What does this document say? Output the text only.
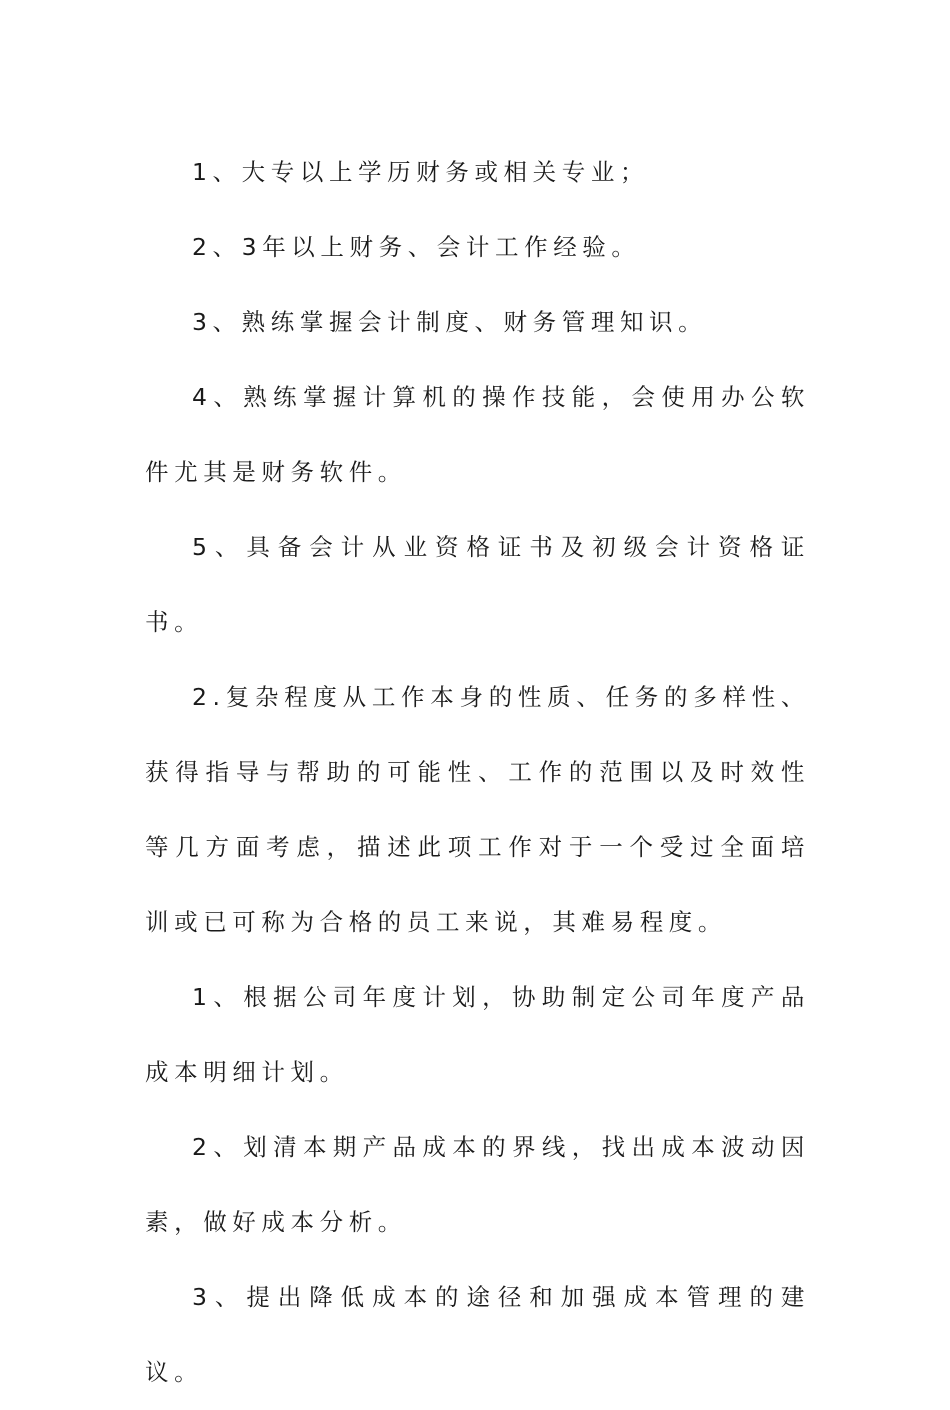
1、大专以上学历财务或相关专业；

2、3年以上财务、会计工作经验。

3、熟练掌握会计制度、财务管理知识。

4、熟练掌握计算机的操作技能，会使用办公软件尤其是财务软件。

5、具备会计从业资格证书及初级会计资格证书。

2.复杂程度从工作本身的性质、任务的多样性、获得指导与帮助的可能性、工作的范围以及时效性等几方面考虑，描述此项工作对于一个受过全面培训或已可称为合格的员工来说，其难易程度。

1、根据公司年度计划，协助制定公司年度产品成本明细计划。

2、划清本期产品成本的界线，找出成本波动因素，做好成本分析。

3、提出降低成本的途径和加强成本管理的建议。
